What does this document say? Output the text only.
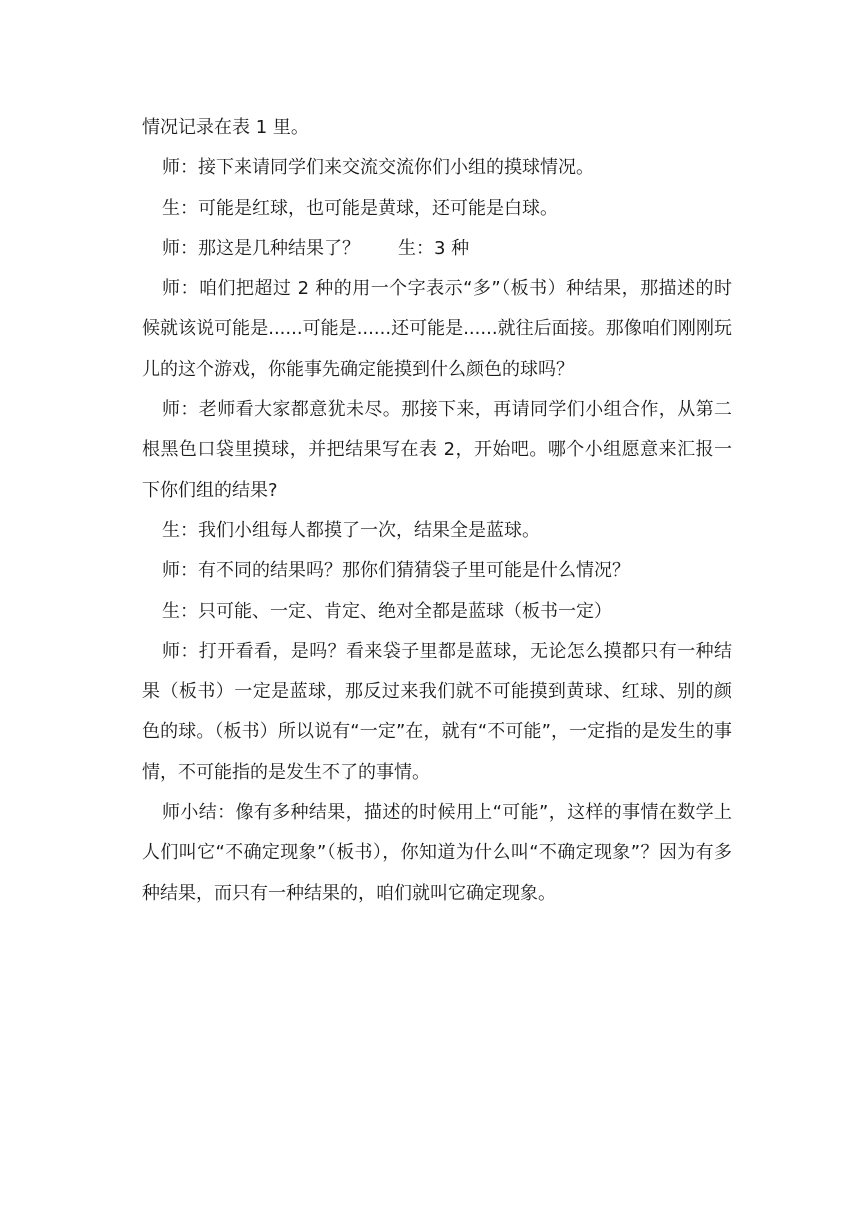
情况记录在表 1 里。

师：接下来请同学们来交流交流你们小组的摸球情况。

生：可能是红球，也可能是黄球，还可能是白球。

师：那这是几种结果了？ 生：3 种

师：咱们把超过 2 种的用一个字表示“多”（板书）种结果，那描述的时候就该说可能是......可能是......还可能是......就往后面接。那像咱们刚刚玩儿的这个游戏，你能事先确定能摸到什么颜色的球吗？

师：老师看大家都意犹未尽。那接下来，再请同学们小组合作，从第二根黑色口袋里摸球，并把结果写在表 2，开始吧。哪个小组愿意来汇报一下你们组的结果?

生：我们小组每人都摸了一次，结果全是蓝球。

师：有不同的结果吗？那你们猜猜袋子里可能是什么情况？

生：只可能、一定、肯定、绝对全都是蓝球（板书一定）

师：打开看看，是吗？看来袋子里都是蓝球，无论怎么摸都只有一种结果（板书）一定是蓝球，那反过来我们就不可能摸到黄球、红球、别的颜色的球。（板书）所以说有“一定”在，就有“不可能”，一定指的是发生的事情，不可能指的是发生不了的事情。

师小结：像有多种结果，描述的时候用上“可能”，这样的事情在数学上人们叫它“不确定现象”（板书），你知道为什么叫“不确定现象”？因为有多种结果，而只有一种结果的，咱们就叫它确定现象。
